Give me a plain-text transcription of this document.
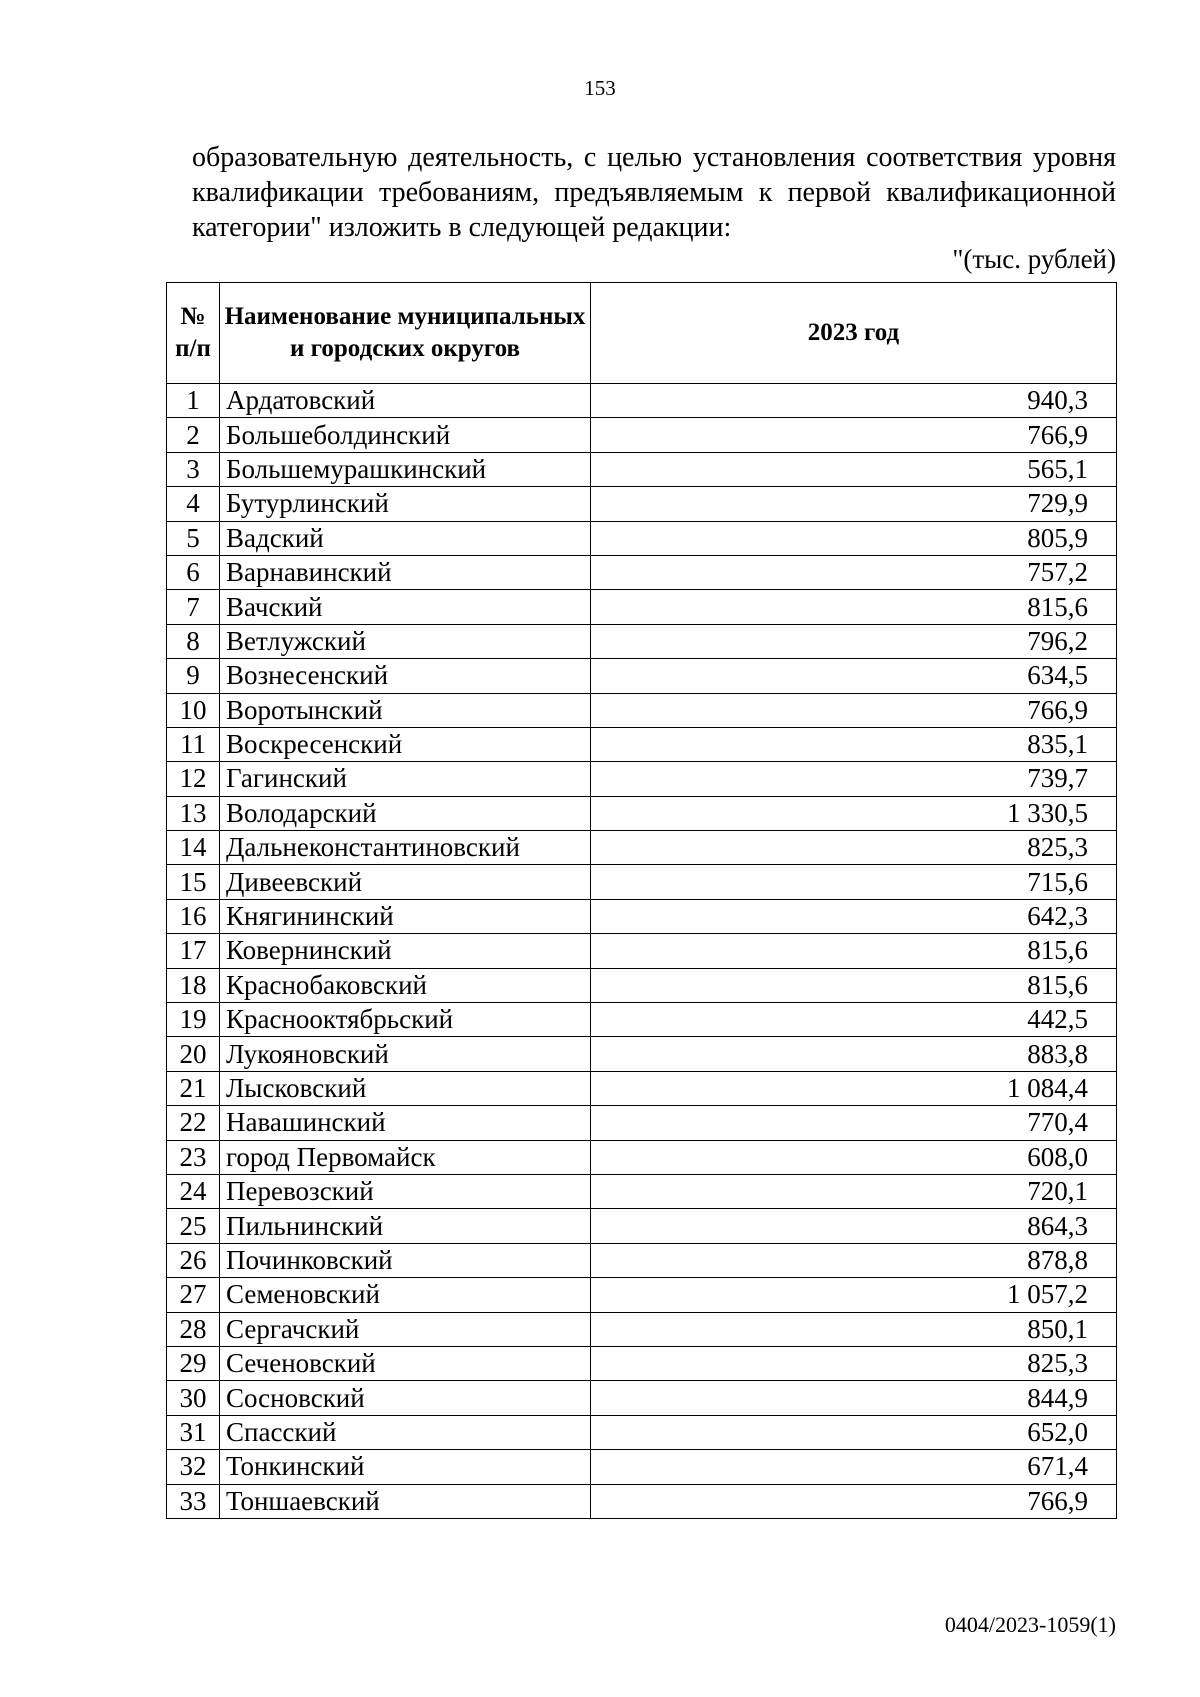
153
образовательную деятельность, с целью установления соответствия уровня
квалификации требованиям, предъявляемым к первой квалификационной
категории" изложить в следующей редакции:
"(тыс. рублей)
№ п/п	Наименование муниципальных и городских округов	2023 год
1	Ардатовский	940,3
2	Большеболдинский	766,9
3	Большемурашкинский	565,1
4	Бутурлинский	729,9
5	Вадский	805,9
6	Варнавинский	757,2
7	Вачский	815,6
8	Ветлужский	796,2
9	Вознесенский	634,5
10	Воротынский	766,9
11	Воскресенский	835,1
12	Гагинский	739,7
13	Володарский	1 330,5
14	Дальнеконстантиновский	825,3
15	Дивеевский	715,6
16	Княгининский	642,3
17	Ковернинский	815,6
18	Краснобаковский	815,6
19	Краснооктябрьский	442,5
20	Лукояновский	883,8
21	Лысковский	1 084,4
22	Навашинский	770,4
23	город Первомайск	608,0
24	Перевозский	720,1
25	Пильнинский	864,3
26	Починковский	878,8
27	Семеновский	1 057,2
28	Сергачский	850,1
29	Сеченовский	825,3
30	Сосновский	844,9
31	Спасский	652,0
32	Тонкинский	671,4
33	Тоншаевский	766,9
0404/2023-1059(1)
